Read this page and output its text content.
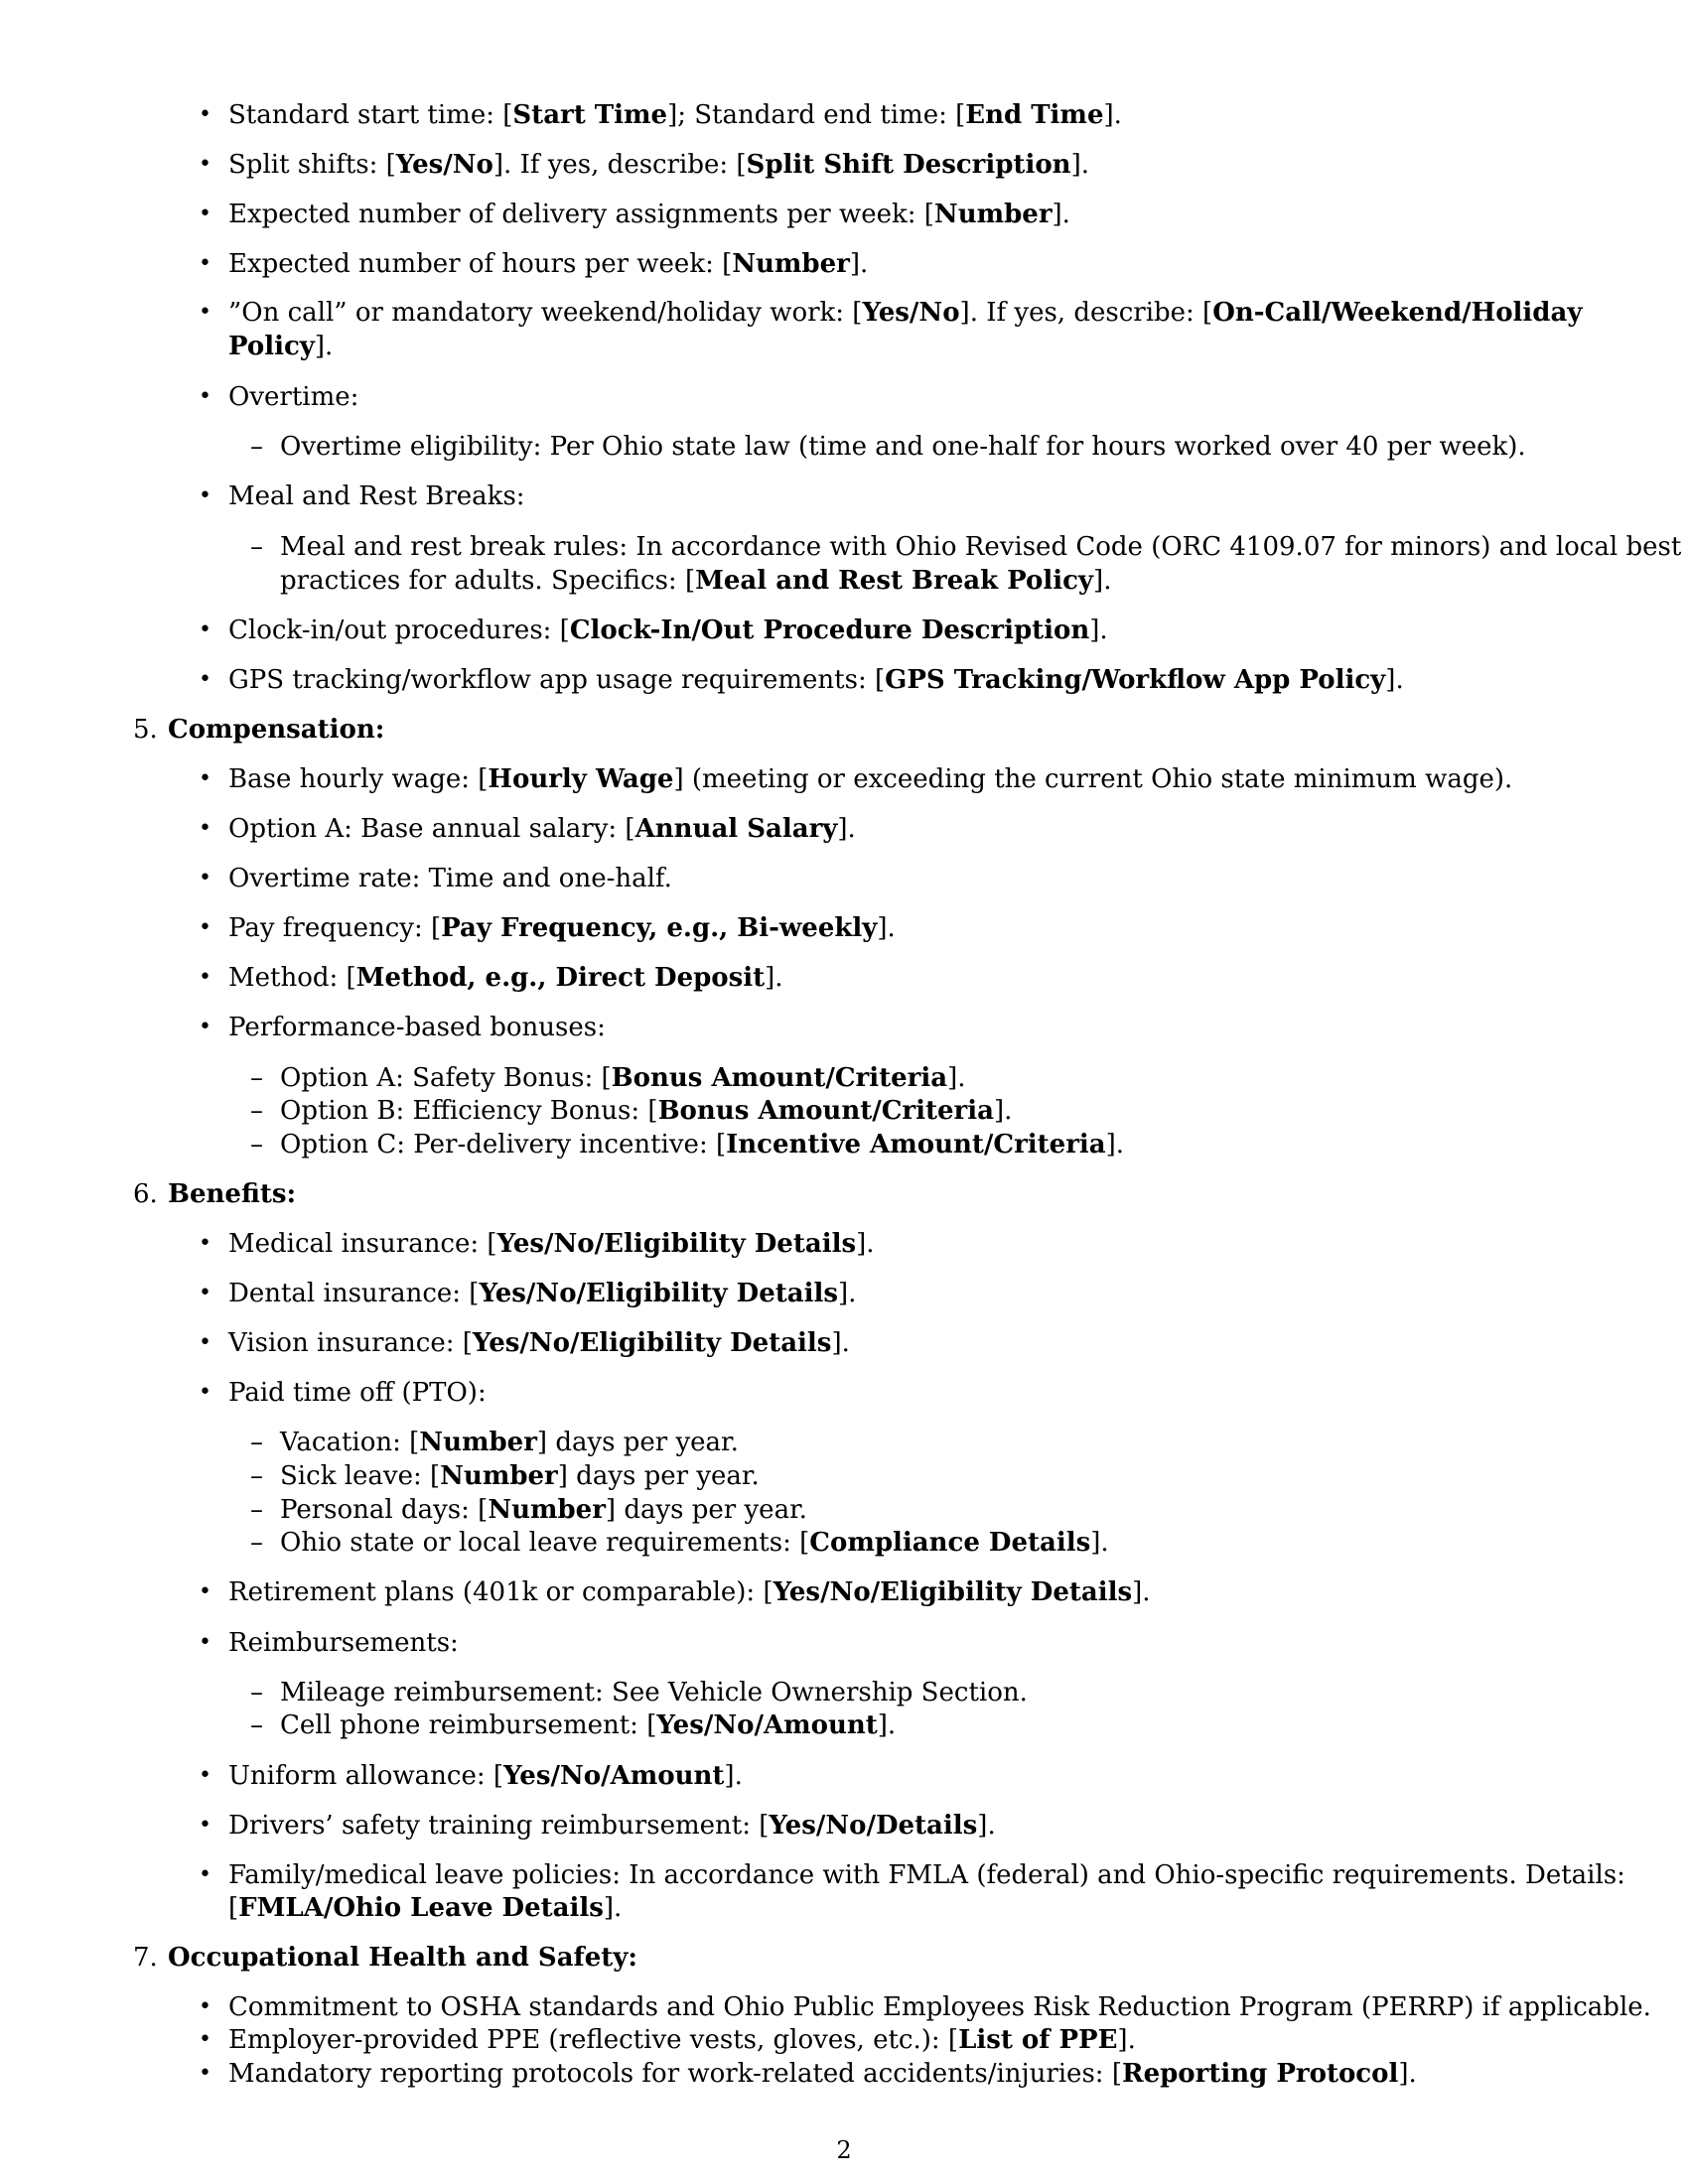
• Standard start time: [Start Time]; Standard end time: [End Time].
• Split shifts: [Yes/No]. If yes, describe: [Split Shift Description].
• Expected number of delivery assignments per week: [Number].
• Expected number of hours per week: [Number].
• ”On call” or mandatory weekend/holiday work: [Yes/No]. If yes, describe: [On-Call/Weekend/Holiday
Policy].
• Overtime:
– Overtime eligibility: Per Ohio state law (time and one-half for hours worked over 40 per week).
• Meal and Rest Breaks:
– Meal and rest break rules: In accordance with Ohio Revised Code (ORC 4109.07 for minors) and local best
practices for adults. Specifics: [Meal and Rest Break Policy].
• Clock-in/out procedures: [Clock-In/Out Procedure Description].
• GPS tracking/workflow app usage requirements: [GPS Tracking/Workflow App Policy].
5. Compensation:
• Base hourly wage: [Hourly Wage] (meeting or exceeding the current Ohio state minimum wage).
• Option A: Base annual salary: [Annual Salary].
• Overtime rate: Time and one-half.
• Pay frequency: [Pay Frequency, e.g., Bi-weekly].
• Method: [Method, e.g., Direct Deposit].
• Performance-based bonuses:
– Option A: Safety Bonus: [Bonus Amount/Criteria].
– Option B: Efficiency Bonus: [Bonus Amount/Criteria].
– Option C: Per-delivery incentive: [Incentive Amount/Criteria].
6. Benefits:
• Medical insurance: [Yes/No/Eligibility Details].
• Dental insurance: [Yes/No/Eligibility Details].
• Vision insurance: [Yes/No/Eligibility Details].
• Paid time off (PTO):
– Vacation: [Number] days per year.
– Sick leave: [Number] days per year.
– Personal days: [Number] days per year.
– Ohio state or local leave requirements: [Compliance Details].
• Retirement plans (401k or comparable): [Yes/No/Eligibility Details].
• Reimbursements:
– Mileage reimbursement: See Vehicle Ownership Section.
– Cell phone reimbursement: [Yes/No/Amount].
• Uniform allowance: [Yes/No/Amount].
• Drivers’ safety training reimbursement: [Yes/No/Details].
• Family/medical leave policies: In accordance with FMLA (federal) and Ohio-specific requirements. Details:
[FMLA/Ohio Leave Details].
7. Occupational Health and Safety:
• Commitment to OSHA standards and Ohio Public Employees Risk Reduction Program (PERRP) if applicable.
• Employer-provided PPE (reflective vests, gloves, etc.): [List of PPE].
• Mandatory reporting protocols for work-related accidents/injuries: [Reporting Protocol].
2
